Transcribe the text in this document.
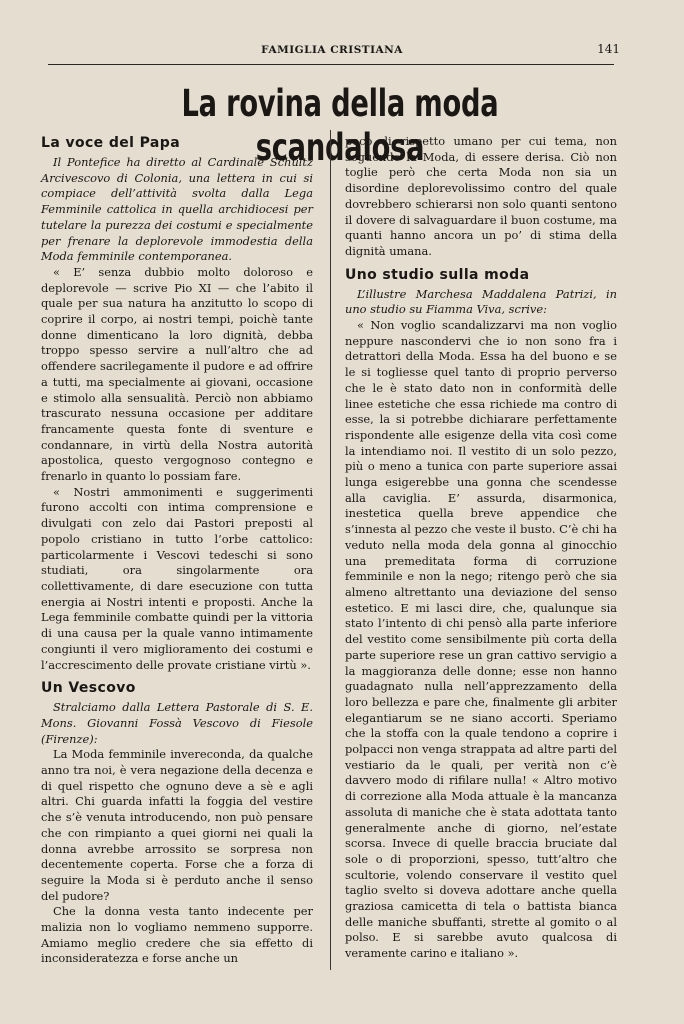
FAMIGLIA CRISTIANA	141
La rovina della moda scandalosa
La voce del Papa

Il Pontefice ha diretto al Cardinale Schultz Arcivescovo di Colonia, una lettera in cui si compiace dell’attività svolta dalla Lega Femminile cattolica in quella archidiocesi per tutelare la purezza dei costumi e specialmente per frenare la deplorevole immodestia della Moda femminile contemporanea.

« E’ senza dubbio molto doloroso e deplorevole — scrive Pio XI — che l’abito il quale per sua natura ha anzitutto lo scopo di coprire il corpo, ai nostri tempi, poichè tante donne dimenticano la loro dignità, debba troppo spesso servire a null’altro che ad offendere sacrilegamente il pudore e ad offrire a tutti, ma specialmente ai giovani, occasione e stimolo alla sensualità. Perciò non abbiamo trascurato nessuna occasione per additare francamente questa fonte di sventure e condannare, in virtù della Nostra autorità apostolica, questo vergognoso contegno e frenarlo in quanto lo possiam fare.

« Nostri ammonimenti e suggerimenti furono accolti con intima comprensione e divulgati con zelo dai Pastori preposti al popolo cristiano in tutto l’orbe cattolico: particolarmente i Vescovi tedeschi si sono studiati, ora singolarmente ora collettivamente, di dare esecuzione con tutta energia ai Nostri intenti e proposti. Anche la Lega femminile combatte quindi per la vittoria di una causa per la quale vanno intimamente congiunti il vero miglioramento dei costumi e l’accrescimento delle provate cristiane virtù ».

Un Vescovo

Stralciamo dalla Lettera Pastorale di S. E. Mons. Giovanni Fossà Vescovo di Fiesole (Firenze):

La Moda femminile invereconda, da qualche anno tra noi, è vera negazione della decenza e di quel rispetto che ognuno deve a sè e agli altri. Chi guarda infatti la foggia del vestire che s’è venuta introducendo, non può pensare che con rimpianto a quei giorni nei quali la donna avrebbe arrossito se sorpresa non decentemente coperta. Forse che a forza di seguire la Moda si è perduto anche il senso del pudore?

Che la donna vesta tanto indecente per malizia non lo vogliamo nemmeno supporre. Amiamo meglio credere che sia effetto di inconsideratezza e forse anche un

poco di rispetto umano per cui tema, non seguendo la Moda, di essere derisa. Ciò non toglie però che certa Moda non sia un disordine deplorevolissimo contro del quale dovrebbero schierarsi non solo quanti sentono il dovere di salvaguardare il buon costume, ma quanti hanno ancora un po’ di stima della dignità umana.

Uno studio sulla moda

L’illustre Marchesa Maddalena Patrizi, in uno studio su Fiamma Viva, scrive:

« Non voglio scandalizzarvi ma non voglio neppure nascondervi che io non sono fra i detrattori della Moda. Essa ha del buono e se le si togliesse quel tanto di proprio perverso che le è stato dato non in conformità delle linee estetiche che essa richiede ma contro di esse, la si potrebbe dichiarare perfettamente rispondente alle esigenze della vita così come la intendiamo noi. Il vestito di un solo pezzo, più o meno a tunica con parte superiore assai lunga esigerebbe una gonna che scendesse alla caviglia. E’ assurda, disarmonica, inestetica quella breve appendice che s’innesta al pezzo che veste il busto. C’è chi ha veduto nella moda dela gonna al ginocchio una premeditata forma di corruzione femminile e non la nego; ritengo però che sia almeno altrettanto una deviazione del senso estetico. E mi lasci dire, che, qualunque sia stato l’intento di chi pensò alla parte inferiore del vestito come sensibilmente più corta della parte superiore rese un gran cattivo servigio a la maggioranza delle donne; esse non hanno guadagnato nulla nell’apprezzamento della loro bellezza e pare che, finalmente gli arbiter elegantiarum se ne siano accorti. Speriamo che la stoffa con la quale tendono a coprire i polpacci non venga strappata ad altre parti del vestiario da le quali, per verità non c’è davvero modo di rifilare nulla! « Altro motivo di correzione alla Moda attuale è la mancanza assoluta di maniche che è stata adottata tanto generalmente anche di giorno, nel’estate scorsa. Invece di quelle braccia bruciate dal sole o di proporzioni, spesso, tutt’altro che scultorie, volendo conservare il vestito quel taglio svelto si doveva adottare anche quella graziosa camicetta di tela o battista bianca delle maniche sbuffanti, strette al gomito o al polso. E si sarebbe avuto qualcosa di veramente carino e italiano ».
